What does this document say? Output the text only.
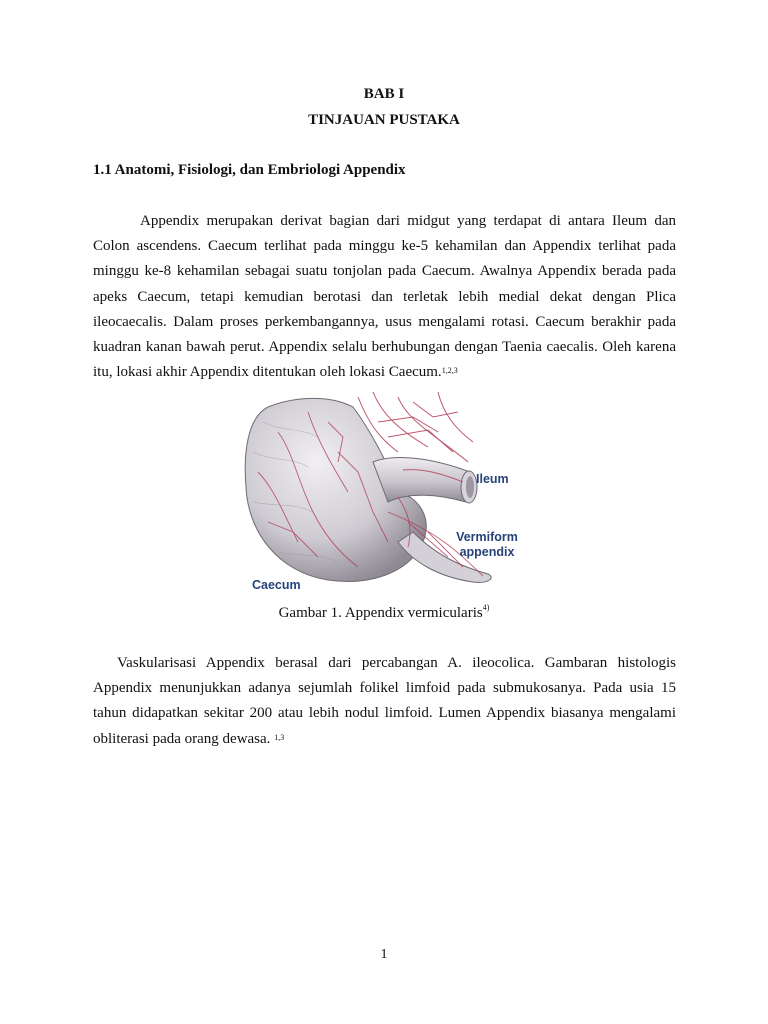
BAB I
TINJAUAN PUSTAKA
1.1 Anatomi, Fisiologi, dan Embriologi Appendix
Appendix merupakan derivat bagian dari midgut yang terdapat di antara Ileum dan Colon ascendens. Caecum terlihat pada minggu ke-5 kehamilan dan Appendix terlihat pada minggu ke-8 kehamilan sebagai suatu tonjolan pada Caecum. Awalnya Appendix berada pada apeks Caecum, tetapi kemudian berotasi dan terletak lebih medial dekat dengan Plica ileocaecalis. Dalam proses perkembangannya, usus mengalami rotasi. Caecum berakhir pada kuadran kanan bawah perut. Appendix selalu berhubungan dengan Taenia caecalis. Oleh karena itu, lokasi akhir Appendix ditentukan oleh lokasi Caecum.$^{1,2,3}$
Ileum
Vermiform
appendix
Caecum
Gambar 1. Appendix vermicularis$^{4)}$
Vaskularisasi Appendix berasal dari percabangan A. ileocolica. Gambaran histologis Appendix menunjukkan adanya sejumlah folikel limfoid pada submukosanya. Pada usia 15 tahun didapatkan sekitar 200 atau lebih nodul limfoid. Lumen Appendix biasanya mengalami obliterasi pada orang dewasa. $^{1,3}$
1
